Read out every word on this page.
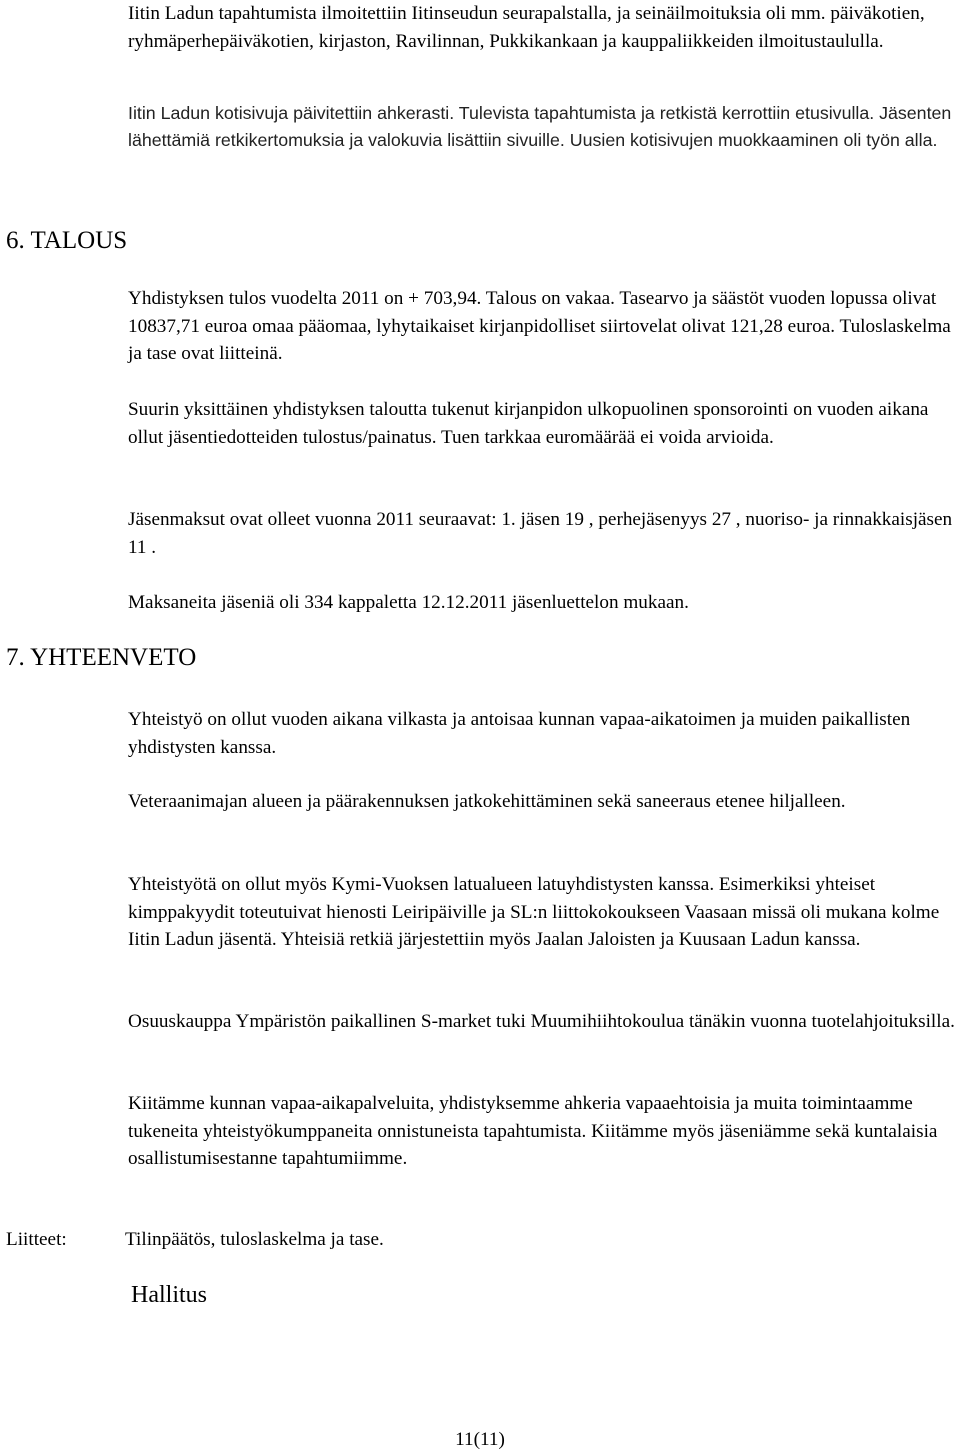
Iitin Ladun tapahtumista ilmoitettiin Iitinseudun seurapalstalla, ja seinäilmoituksia oli mm. päiväkotien, ryhmäperhepäiväkotien, kirjaston, Ravilinnan, Pukkikankaan ja kauppaliikkeiden ilmoitustaululla.

Iitin Ladun kotisivuja päivitettiin ahkerasti. Tulevista tapahtumista ja retkistä kerrottiin etusivulla. Jäsenten lähettämiä retkikertomuksia ja valokuvia lisättiin sivuille. Uusien kotisivujen muokkaaminen oli työn alla.

6. TALOUS

Yhdistyksen tulos vuodelta 2011 on + 703,94. Talous on vakaa. Tasearvo ja säästöt vuoden lopussa olivat 10837,71 euroa omaa pääomaa, lyhytaikaiset kirjanpidolliset siirtovelat olivat 121,28 euroa. Tuloslaskelma ja tase ovat liitteinä.

Suurin yksittäinen yhdistyksen taloutta tukenut kirjanpidon ulkopuolinen sponsorointi on vuoden aikana ollut jäsentiedotteiden tulostus/painatus. Tuen tarkkaa euromäärää ei voida arvioida.

Jäsenmaksut ovat olleet vuonna 2011 seuraavat: 1. jäsen 19 , perhejäsenyys 27 , nuoriso- ja rinnakkaisjäsen 11 .

Maksaneita jäseniä oli 334 kappaletta 12.12.2011 jäsenluettelon mukaan.

7. YHTEENVETO

Yhteistyö on ollut vuoden aikana vilkasta ja antoisaa kunnan vapaa-aikatoimen ja muiden paikallisten yhdistysten kanssa.

Veteraanimajan alueen ja päärakennuksen jatkokehittäminen sekä saneeraus etenee hiljalleen.

Yhteistyötä on ollut myös Kymi-Vuoksen latualueen latuyhdistysten kanssa. Esimerkiksi yhteiset kimppakyydit toteutuivat hienosti Leiripäiville ja SL:n liittokokoukseen Vaasaan missä oli mukana kolme Iitin Ladun jäsentä. Yhteisiä retkiä järjestettiin myös Jaalan Jaloisten ja Kuusaan Ladun kanssa.

Osuuskauppa Ympäristön paikallinen S-market tuki Muumihiihtokoulua tänäkin vuonna tuotelahjoituksilla.

Kiitämme kunnan vapaa-aikapalveluita, yhdistyksemme ahkeria vapaaehtoisia ja muita toimintaamme tukeneita yhteistyökumppaneita onnistuneista tapahtumista. Kiitämme myös jäseniämme sekä kuntalaisia osallistumisestanne tapahtumiimme.

Liitteet:	Tilinpäätös, tuloslaskelma ja tase.
Hallitus
11(11)
